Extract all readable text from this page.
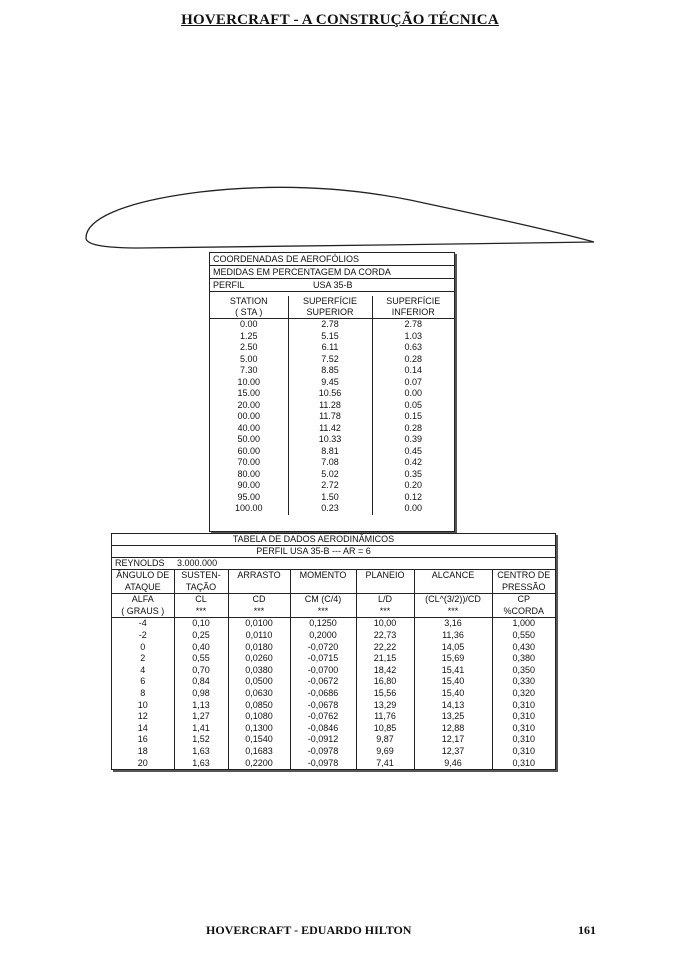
HOVERCRAFT - A CONSTRUÇÃO TÉCNICA
COORDENADAS DE AEROFÓLIOS
MEDIDAS EM PERCENTAGEM DA CORDA
PERFIL	USA 35-B
STATION	SUPERFÍCIE	SUPERFÍCIE
( STA )	SUPERIOR	INFERIOR
0.00	2.78	2.78
1.25	5.15	1.03
2.50	6.11	0.63
5.00	7.52	0.28
7.30	8.85	0.14
10.00	9.45	0.07
15.00	10.56	0.00
20.00	11.28	0.05
00.00	11.78	0.15
40.00	11.42	0.28
50.00	10.33	0.39
60.00	8.81	0.45
70.00	7.08	0.42
80.00	5.02	0.35
90.00	2.72	0.20
95.00	1.50	0.12
100.00	0.23	0.00
TABELA DE DADOS AERODINÂMICOS
PERFIL USA 35-B --- AR = 6
REYNOLDS 3.000.000
ÂNGULO DE	SUSTEN-	ARRASTO	MOMENTO	PLANEIO	ALCANCE	CENTRO DE
ATAQUE	TAÇÃO					PRESSÃO
ALFA	CL	CD	CM (C/4)	L/D	(CL^(3/2))/CD	CP
( GRAUS )	***	***	***	***	***	%CORDA
-4	0,10	0,0100	0,1250	10,00	3,16	1,000
-2	0,25	0,0110	0,2000	22,73	11,36	0,550
0	0,40	0,0180	-0,0720	22,22	14,05	0,430
2	0,55	0,0260	-0,0715	21,15	15,69	0,380
4	0,70	0,0380	-0,0700	18,42	15,41	0,350
6	0,84	0,0500	-0,0672	16,80	15,40	0,330
8	0,98	0,0630	-0,0686	15,56	15,40	0,320
10	1,13	0,0850	-0,0678	13,29	14,13	0,310
12	1,27	0,1080	-0,0762	11,76	13,25	0,310
14	1,41	0,1300	-0,0846	10,85	12,88	0,310
16	1,52	0,1540	-0,0912	9,87	12,17	0,310
18	1,63	0,1683	-0,0978	9,69	12,37	0,310
20	1,63	0,2200	-0,0978	7,41	9,46	0,310
HOVERCRAFT - EDUARDO HILTON	161
